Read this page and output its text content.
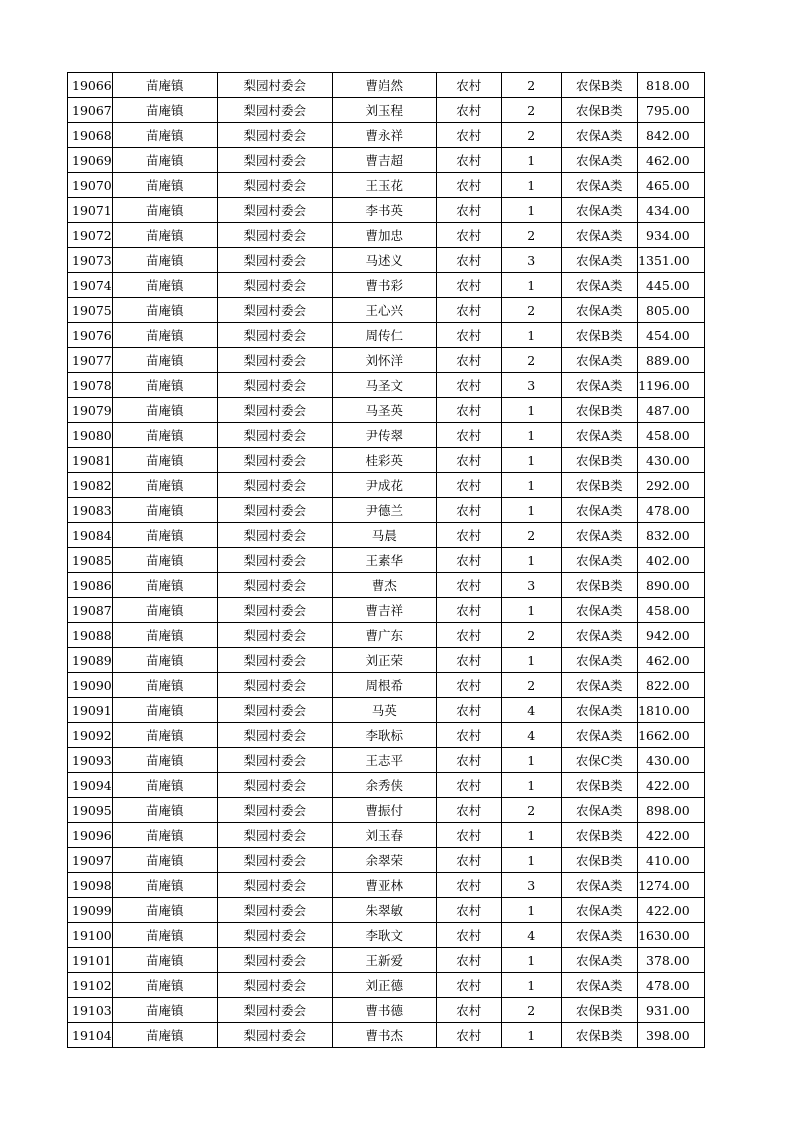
19066	苗庵镇	梨园村委会	曹岿然	农村	2	农保B类	818.00
19067	苗庵镇	梨园村委会	刘玉程	农村	2	农保B类	795.00
19068	苗庵镇	梨园村委会	曹永祥	农村	2	农保A类	842.00
19069	苗庵镇	梨园村委会	曹吉超	农村	1	农保A类	462.00
19070	苗庵镇	梨园村委会	王玉花	农村	1	农保A类	465.00
19071	苗庵镇	梨园村委会	李书英	农村	1	农保A类	434.00
19072	苗庵镇	梨园村委会	曹加忠	农村	2	农保A类	934.00
19073	苗庵镇	梨园村委会	马述义	农村	3	农保A类	1351.00
19074	苗庵镇	梨园村委会	曹书彩	农村	1	农保A类	445.00
19075	苗庵镇	梨园村委会	王心兴	农村	2	农保A类	805.00
19076	苗庵镇	梨园村委会	周传仁	农村	1	农保B类	454.00
19077	苗庵镇	梨园村委会	刘怀洋	农村	2	农保A类	889.00
19078	苗庵镇	梨园村委会	马圣文	农村	3	农保A类	1196.00
19079	苗庵镇	梨园村委会	马圣英	农村	1	农保B类	487.00
19080	苗庵镇	梨园村委会	尹传翠	农村	1	农保A类	458.00
19081	苗庵镇	梨园村委会	桂彩英	农村	1	农保B类	430.00
19082	苗庵镇	梨园村委会	尹成花	农村	1	农保B类	292.00
19083	苗庵镇	梨园村委会	尹德兰	农村	1	农保A类	478.00
19084	苗庵镇	梨园村委会	马晨	农村	2	农保A类	832.00
19085	苗庵镇	梨园村委会	王素华	农村	1	农保A类	402.00
19086	苗庵镇	梨园村委会	曹杰	农村	3	农保B类	890.00
19087	苗庵镇	梨园村委会	曹吉祥	农村	1	农保A类	458.00
19088	苗庵镇	梨园村委会	曹广东	农村	2	农保A类	942.00
19089	苗庵镇	梨园村委会	刘正荣	农村	1	农保A类	462.00
19090	苗庵镇	梨园村委会	周根希	农村	2	农保A类	822.00
19091	苗庵镇	梨园村委会	马英	农村	4	农保A类	1810.00
19092	苗庵镇	梨园村委会	李耿标	农村	4	农保A类	1662.00
19093	苗庵镇	梨园村委会	王志平	农村	1	农保C类	430.00
19094	苗庵镇	梨园村委会	余秀侠	农村	1	农保B类	422.00
19095	苗庵镇	梨园村委会	曹振付	农村	2	农保A类	898.00
19096	苗庵镇	梨园村委会	刘玉春	农村	1	农保B类	422.00
19097	苗庵镇	梨园村委会	余翠荣	农村	1	农保B类	410.00
19098	苗庵镇	梨园村委会	曹亚林	农村	3	农保A类	1274.00
19099	苗庵镇	梨园村委会	朱翠敏	农村	1	农保A类	422.00
19100	苗庵镇	梨园村委会	李耿文	农村	4	农保A类	1630.00
19101	苗庵镇	梨园村委会	王新爱	农村	1	农保A类	378.00
19102	苗庵镇	梨园村委会	刘正德	农村	1	农保A类	478.00
19103	苗庵镇	梨园村委会	曹书德	农村	2	农保B类	931.00
19104	苗庵镇	梨园村委会	曹书杰	农村	1	农保B类	398.00
